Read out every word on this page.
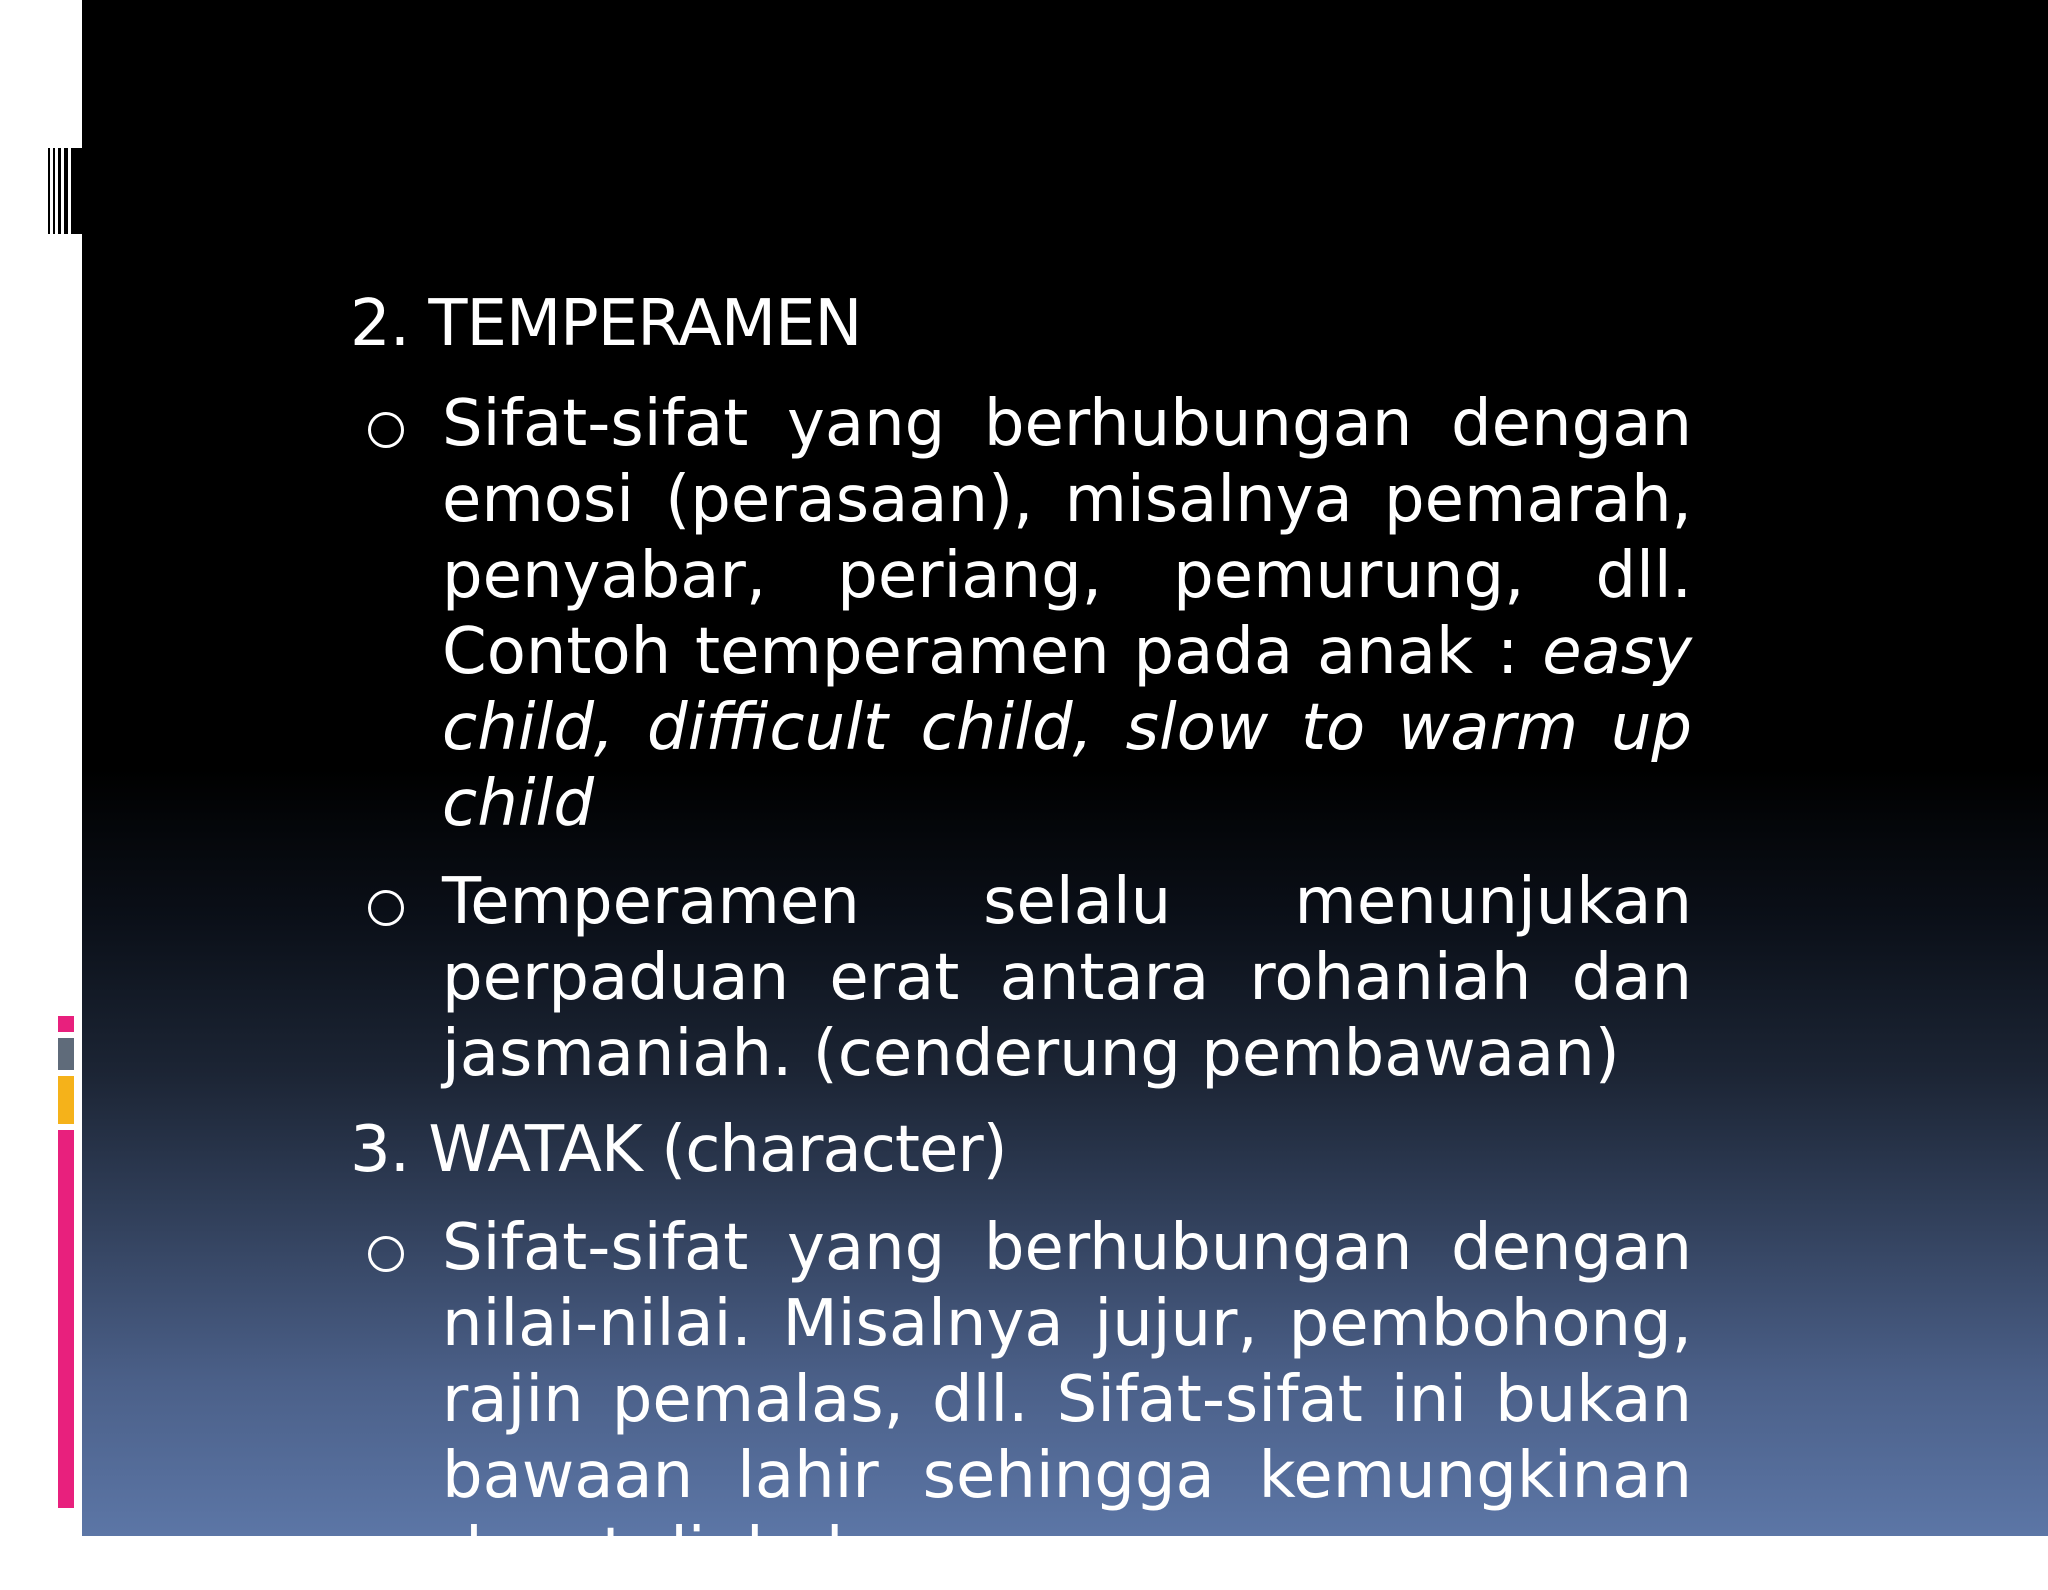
2. TEMPERAMEN
Sifat-sifat yang berhubungan dengan emosi (perasaan), misalnya pemarah, penyabar, periang, pemurung, dll. Contoh temperamen pada anak : easy child, difficult child, slow to warm up child
Temperamen selalu menunjukan perpaduan erat antara rohaniah dan jasmaniah. (cenderung pembawaan)
3. WATAK (character)
Sifat-sifat yang berhubungan dengan nilai-nilai. Misalnya jujur, pembohong, rajin pemalas, dll. Sifat-sifat ini bukan bawaan lahir sehingga kemungkinan dapat diubah
